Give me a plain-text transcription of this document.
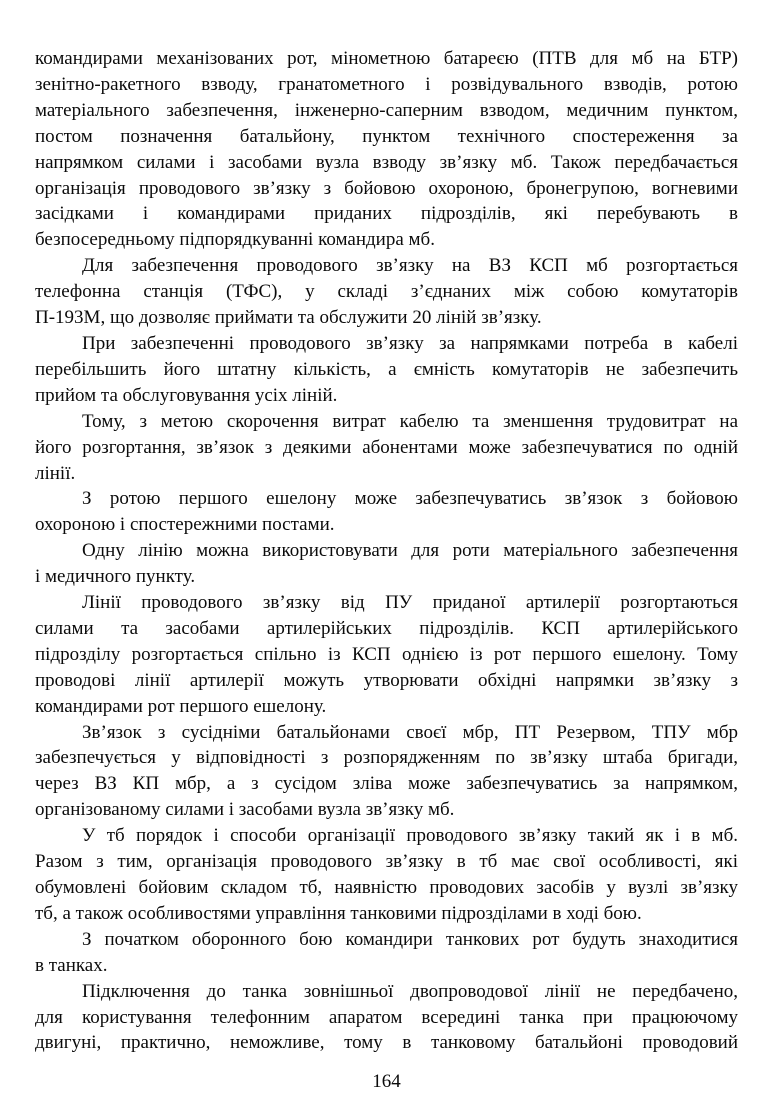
командирами механізованих рот, мінометною батареєю (ПТВ для мб на БТР)
зенітно-ракетного взводу, гранатометного і розвідувального взводів, ротою
матеріального забезпечення, інженерно-саперним взводом, медичним пунктом,
постом позначення батальйону, пунктом технічного спостереження за
напрямком силами і засобами вузла взводу зв’язку мб. Також передбачається
організація проводового зв’язку з бойовою охороною, бронегрупою, вогневими
засідками і командирами приданих підрозділів, які перебувають в
безпосередньому підпорядкуванні командира мб.
Для забезпечення проводового зв’язку на ВЗ КСП мб розгортається
телефонна станція (ТФС), у складі з’єднаних між собою комутаторів
П-193М, що дозволяє приймати та обслужити 20 ліній зв’язку.
При забезпеченні проводового зв’язку за напрямками потреба в кабелі
перебільшить його штатну кількість, а ємність комутаторів не забезпечить
прийом та обслуговування усіх ліній.
Тому, з метою скорочення витрат кабелю та зменшення трудовитрат на
його розгортання, зв’язок з деякими абонентами може забезпечуватися по одній
лінії.
З ротою першого ешелону може забезпечуватись зв’язок з бойовою
охороною і спостережними постами.
Одну лінію можна використовувати для роти матеріального забезпечення
і медичного пункту.
Лінії проводового зв’язку від ПУ приданої артилерії розгортаються
силами та засобами артилерійських підрозділів. КСП артилерійського
підрозділу розгортається спільно із КСП однією із рот першого ешелону. Тому
проводові лінії артилерії можуть утворювати обхідні напрямки зв’язку з
командирами рот першого ешелону.
Зв’язок з сусідніми батальйонами своєї мбр, ПТ Резервом, ТПУ мбр
забезпечується у відповідності з розпорядженням по зв’язку штаба бригади,
через ВЗ КП мбр, а з сусідом зліва може забезпечуватись за напрямком,
організованому силами і засобами вузла зв’язку мб.
У тб порядок і способи організації проводового зв’язку такий як і в мб.
Разом з тим, організація проводового зв’язку в тб має свої особливості, які
обумовлені бойовим складом тб, наявністю проводових засобів у вузлі зв’язку
тб, а також особливостями управління танковими підрозділами в ході бою.
З початком оборонного бою командири танкових рот будуть знаходитися
в танках.
Підключення до танка зовнішньої двопроводової лінії не передбачено,
для користування телефонним апаратом всередині танка при працюючому
двигуні, практично, неможливе, тому в танковому батальйоні проводовий
164
